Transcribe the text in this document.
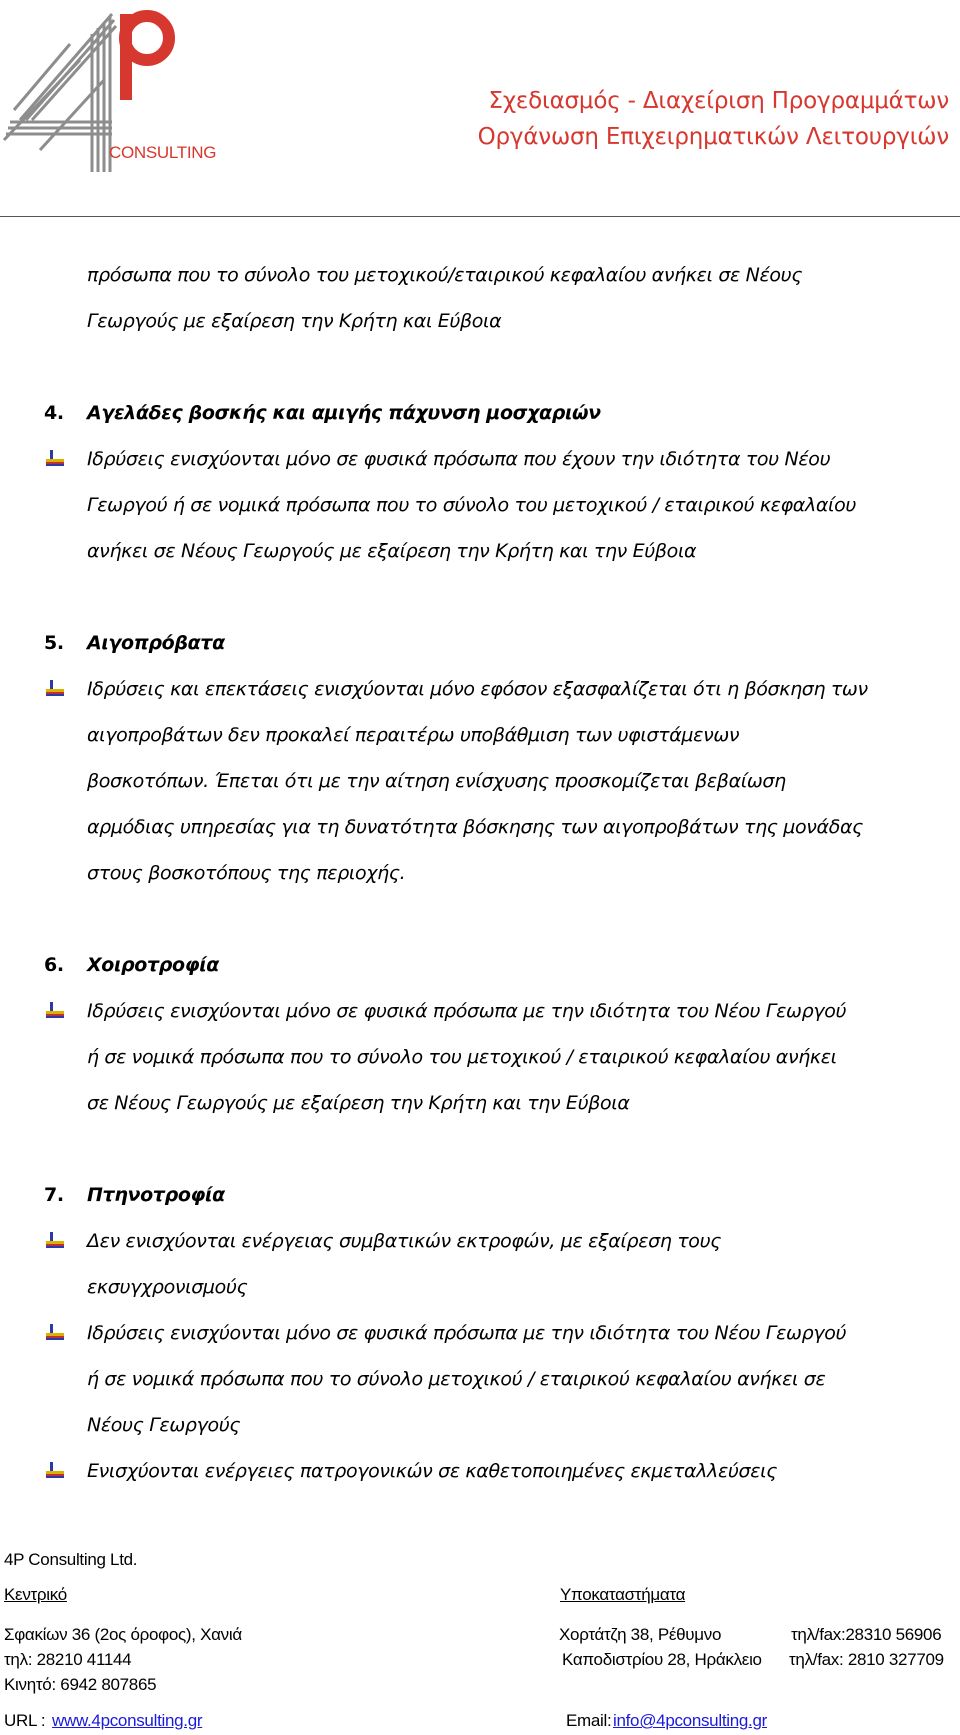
CONSULTING
Σχεδιασμός - Διαχείριση Προγραμμάτων
Οργάνωση Επιχειρηματικών Λειτουργιών

πρόσωπα που το σύνολο του μετοχικού/εταιρικού κεφαλαίου ανήκει σε Νέους
Γεωργούς με εξαίρεση την Κρήτη και Εύβοια

4. Αγελάδες βοσκής και αμιγής πάχυνση μοσχαριών

Ιδρύσεις ενισχύονται μόνο σε φυσικά πρόσωπα που έχουν την ιδιότητα του Νέου
Γεωργού ή σε νομικά πρόσωπα που το σύνολο του μετοχικού / εταιρικού κεφαλαίου
ανήκει σε Νέους Γεωργούς με εξαίρεση την Κρήτη και την Εύβοια

5. Αιγοπρόβατα

Ιδρύσεις και επεκτάσεις ενισχύονται μόνο εφόσον εξασφαλίζεται ότι η βόσκηση των
αιγοπροβάτων δεν προκαλεί περαιτέρω υποβάθμιση των υφιστάμενων
βοσκοτόπων. Έπεται ότι με την αίτηση ενίσχυσης προσκομίζεται βεβαίωση
αρμόδιας υπηρεσίας για τη δυνατότητα βόσκησης των αιγοπροβάτων της μονάδας
στους βοσκοτόπους της περιοχής.

6. Χοιροτροφία

Ιδρύσεις ενισχύονται μόνο σε φυσικά πρόσωπα με την ιδιότητα του Νέου Γεωργού
ή σε νομικά πρόσωπα που το σύνολο του μετοχικού / εταιρικού κεφαλαίου ανήκει
σε Νέους Γεωργούς με εξαίρεση την Κρήτη και την Εύβοια

7. Πτηνοτροφία

Δεν ενισχύονται ενέργειας συμβατικών εκτροφών, με εξαίρεση τους
εκσυγχρονισμούς

Ιδρύσεις ενισχύονται μόνο σε φυσικά πρόσωπα με την ιδιότητα του Νέου Γεωργού
ή σε νομικά πρόσωπα που το σύνολο μετοχικού / εταιρικού κεφαλαίου ανήκει σε
Νέους Γεωργούς

Ενισχύονται ενέργειες πατρογονικών σε καθετοποιημένες εκμεταλλεύσεις

4P Consulting Ltd.
Κεντρικό	Υποκαταστήματα
Σφακίων 36 (2ος όροφος), Χανιά
τηλ: 28210 41144
Κινητό: 6942 807865
Χορτάτζη 38, Ρέθυμνο	τηλ/fax:28310 56906
Καποδιστρίου 28, Ηράκλειο τηλ/fax: 2810 327709
URL : www.4pconsulting.gr	Email: info@4pconsulting.gr
